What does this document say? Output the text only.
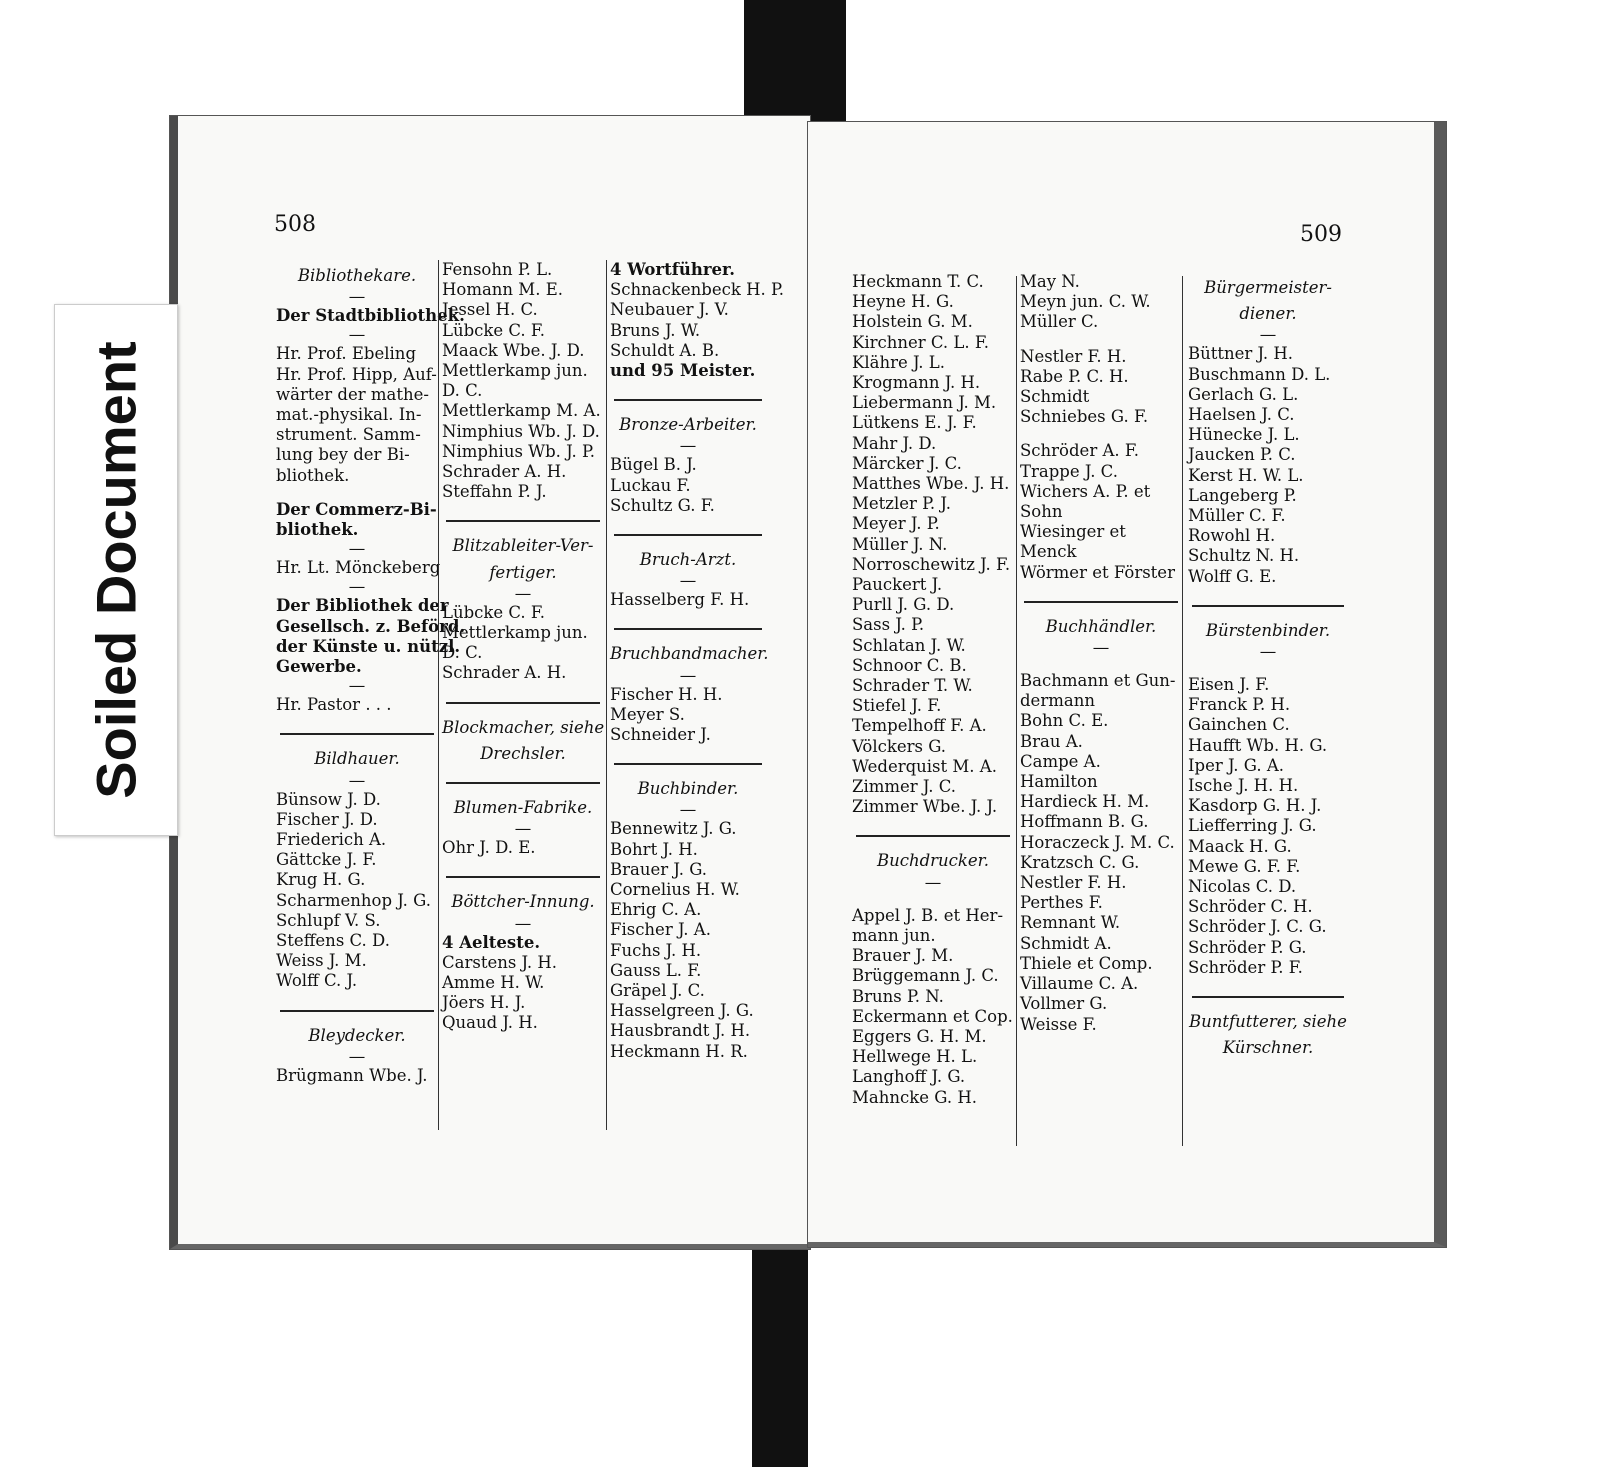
508	509
Bibliothekare.
—
Der Stadtbibliothek.
—
Hr. Prof. Ebeling
Hr. Prof. Hipp, Auf-
wärter der mathe-
mat.-physikal. In-
strument. Samm-
lung bey der Bi-
bliothek.
Der Commerz-Bi-
bliothek.
—
Hr. Lt. Mönckeberg
—
Der Bibliothek der
Gesellsch. z. Beförd.
der Künste u. nützl.
Gewerbe.
—
Hr. Pastor . . .
Bildhauer.
—
Bünsow J. D.
Fischer J. D.
Friederich A.
Gättcke J. F.
Krug H. G.
Scharmenhop J. G.
Schlupf V. S.
Steffens C. D.
Weiss J. M.
Wolff C. J.
Bleydecker.
—
Brügmann Wbe. J.
Fensohn P. L.
Homann M. E.
Jessel H. C.
Lübcke C. F.
Maack Wbe. J. D.
Mettlerkamp jun.
D. C.
Mettlerkamp M. A.
Nimphius Wb. J. D.
Nimphius Wb. J. P.
Schrader A. H.
Steffahn P. J.
Blitzableiter-Ver-
fertiger.
—
Lübcke C. F.
Mettlerkamp jun.
D. C.
Schrader A. H.
Blockmacher, siehe
Drechsler.
Blumen-Fabrike.
—
Ohr J. D. E.
Böttcher-Innung.
—
4 Aelteste.
Carstens J. H.
Amme H. W.
Jöers H. J.
Quaud J. H.
4 Wortführer.
Schnackenbeck H. P.
Neubauer J. V.
Bruns J. W.
Schuldt A. B.
und 95 Meister.
Bronze-Arbeiter.
—
Bügel B. J.
Luckau F.
Schultz G. F.
Bruch-Arzt.
—
Hasselberg F. H.
Bruchbandmacher.
—
Fischer H. H.
Meyer S.
Schneider J.
Buchbinder.
—
Bennewitz J. G.
Bohrt J. H.
Brauer J. G.
Cornelius H. W.
Ehrig C. A.
Fischer J. A.
Fuchs J. H.
Gauss L. F.
Gräpel J. C.
Hasselgreen J. G.
Hausbrandt J. H.
Heckmann H. R.
Heckmann T. C.
Heyne H. G.
Holstein G. M.
Kirchner C. L. F.
Klähre J. L.
Krogmann J. H.
Liebermann J. M.
Lütkens E. J. F.
Mahr J. D.
Märcker J. C.
Matthes Wbe. J. H.
Metzler P. J.
Meyer J. P.
Müller J. N.
Norroschewitz J. F.
Pauckert J.
Purll J. G. D.
Sass J. P.
Schlatan J. W.
Schnoor C. B.
Schrader T. W.
Stiefel J. F.
Tempelhoff F. A.
Völckers G.
Wederquist M. A.
Zimmer J. C.
Zimmer Wbe. J. J.
Buchdrucker.
—
Appel J. B. et Her-
mann jun.
Brauer J. M.
Brüggemann J. C.
Bruns P. N.
Eckermann et Cop.
Eggers G. H. M.
Hellwege H. L.
Langhoff J. G.
Mahncke G. H.
May N.
Meyn jun. C. W.
Müller C.
Nestler F. H.
Rabe P. C. H.
Schmidt
Schniebes G. F.
Schröder A. F.
Trappe J. C.
Wichers A. P. et
Sohn
Wiesinger et
Menck
Wörmer et Förster
Buchhändler.
—
Bachmann et Gun-
dermann
Bohn C. E.
Brau A.
Campe A.
Hamilton
Hardieck H. M.
Hoffmann B. G.
Horaczeck J. M. C.
Kratzsch C. G.
Nestler F. H.
Perthes F.
Remnant W.
Schmidt A.
Thiele et Comp.
Villaume C. A.
Vollmer G.
Weisse F.
Bürgermeister-
diener.
—
Büttner J. H.
Buschmann D. L.
Gerlach G. L.
Haelsen J. C.
Hünecke J. L.
Jaucken P. C.
Kerst H. W. L.
Langeberg P.
Müller C. F.
Rowohl H.
Schultz N. H.
Wolff G. E.
Bürstenbinder.
—
Eisen J. F.
Franck P. H.
Gainchen C.
Haufft Wb. H. G.
Iper J. G. A.
Ische J. H. H.
Kasdorp G. H. J.
Liefferring J. G.
Maack H. G.
Mewe G. F. F.
Nicolas C. D.
Schröder C. H.
Schröder J. C. G.
Schröder P. G.
Schröder P. F.
Buntfutterer, siehe
Kürschner.
Soiled Document
